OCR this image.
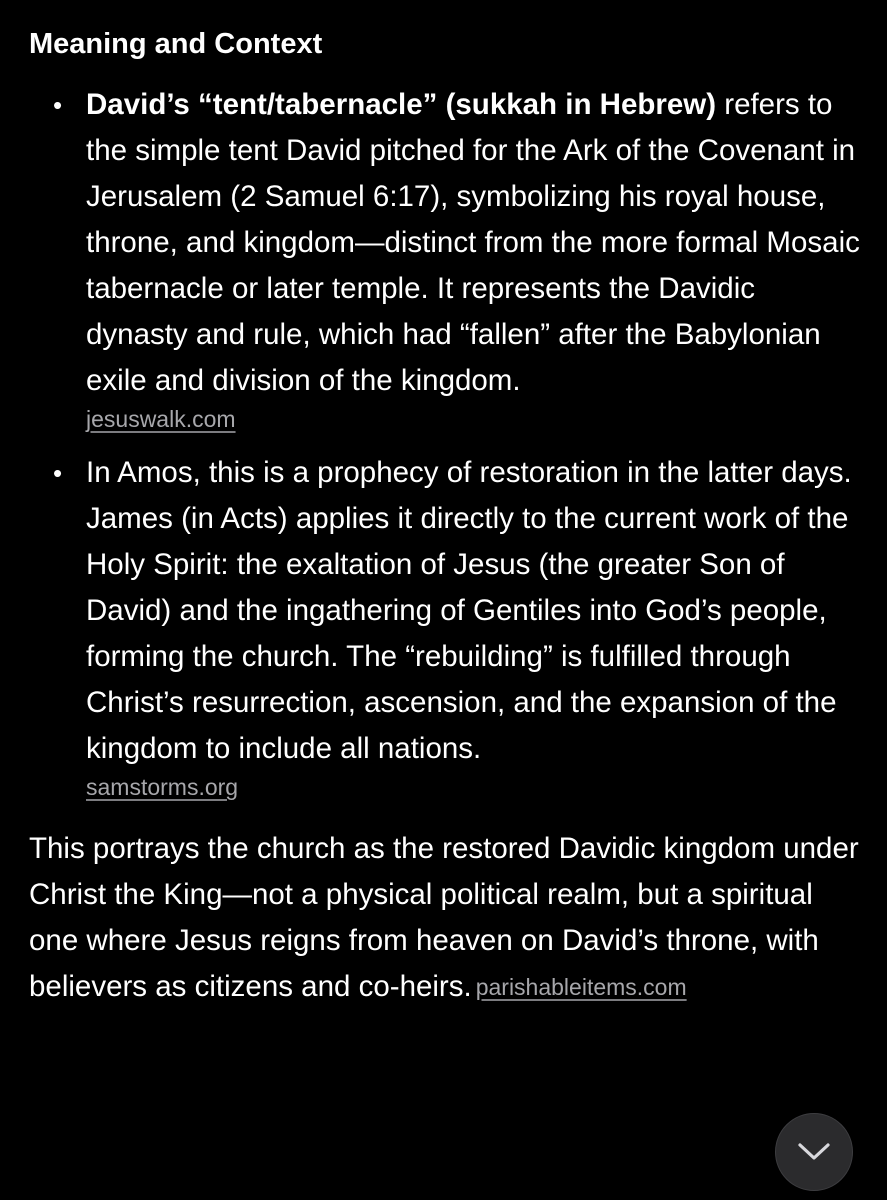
Meaning and Context
• David’s “tent/tabernacle” (sukkah in Hebrew) refers to the simple tent David pitched for the Ark of the Covenant in Jerusalem (2 Samuel 6:17), symbolizing his royal house, throne, and kingdom—distinct from the more formal Mosaic tabernacle or later temple. It represents the Davidic dynasty and rule, which had “fallen” after the Babylonian exile and division of the kingdom.
jesuswalk.com
• In Amos, this is a prophecy of restoration in the latter days. James (in Acts) applies it directly to the current work of the Holy Spirit: the exaltation of Jesus (the greater Son of David) and the ingathering of Gentiles into God’s people, forming the church. The “rebuilding” is fulfilled through Christ’s resurrection, ascension, and the expansion of the kingdom to include all nations.
samstorms.org
This portrays the church as the restored Davidic kingdom under Christ the King—not a physical political realm, but a spiritual one where Jesus reigns from heaven on David’s throne, with believers as citizens and co-heirs. parishableitems.com
